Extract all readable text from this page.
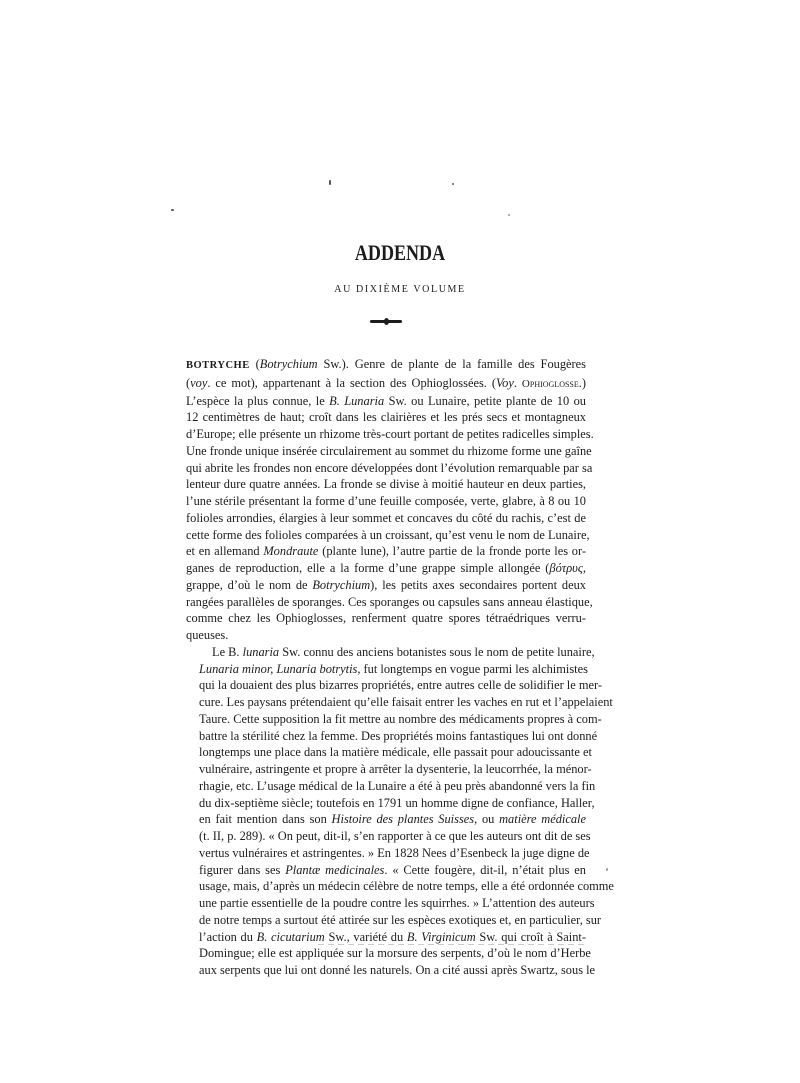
ADDENDA
AU DIXIÈME VOLUME

BOTRYCHE (Botrychium Sw.). Genre de plante de la famille des Fougères
(voy. ce mot), appartenant à la section des Ophioglossées. (Voy. Ophioglosse.)
L’espèce la plus connue, le B. Lunaria Sw. ou Lunaire, petite plante de 10 ou
12 centimètres de haut; croît dans les clairières et les prés secs et montagneux
d’Europe; elle présente un rhizome très-court portant de petites radicelles simples.
Une fronde unique insérée circulairement au sommet du rhizome forme une gaîne
qui abrite les frondes non encore développées dont l’évolution remarquable par sa
lenteur dure quatre années. La fronde se divise à moitié hauteur en deux parties,
l’une stérile présentant la forme d’une feuille composée, verte, glabre, à 8 ou 10
folioles arrondies, élargies à leur sommet et concaves du côté du rachis, c’est de
cette forme des folioles comparées à un croissant, qu’est venu le nom de Lunaire,
et en allemand Mondraute (plante lune), l’autre partie de la fronde porte les or-
ganes de reproduction, elle a la forme d’une grappe simple allongée (βότρυς,
grappe, d’où le nom de Botrychium), les petits axes secondaires portent deux
rangées parallèles de sporanges. Ces sporanges ou capsules sans anneau élastique,
comme chez les Ophioglosses, renferment quatre spores tétraédriques verru-
queuses.

Le B. lunaria Sw. connu des anciens botanistes sous le nom de petite lunaire,
Lunaria minor, Lunaria botrytis, fut longtemps en vogue parmi les alchimistes
qui la douaient des plus bizarres propriétés, entre autres celle de solidifier le mer-
cure. Les paysans prétendaient qu’elle faisait entrer les vaches en rut et l’appelaient
Taure. Cette supposition la fit mettre au nombre des médicaments propres à com-
battre la stérilité chez la femme. Des propriétés moins fantastiques lui ont donné
longtemps une place dans la matière médicale, elle passait pour adoucissante et
vulnéraire, astringente et propre à arrêter la dysenterie, la leucorrhée, la ménor-
rhagie, etc. L’usage médical de la Lunaire a été à peu près abandonné vers la fin
du dix-septième siècle; toutefois en 1791 un homme digne de confiance, Haller,
en fait mention dans son Histoire des plantes Suisses, ou matière médicale
(t. II, p. 289). « On peut, dit-il, s’en rapporter à ce que les auteurs ont dit de ses
vertus vulnéraires et astringentes. » En 1828 Nees d’Esenbeck la juge digne de
figurer dans ses Plantæ medicinales. « Cette fougère, dit-il, n’était plus en
usage, mais, d’après un médecin célèbre de notre temps, elle a été ordonnée comme
une partie essentielle de la poudre contre les squirrhes. » L’attention des auteurs
de notre temps a surtout été attirée sur les espèces exotiques et, en particulier, sur
l’action du B. cicutarium Sw., variété du B. Virginicum Sw. qui croît à Saint-
Domingue; elle est appliquée sur la morsure des serpents, d’où le nom d’Herbe
aux serpents que lui ont donné les naturels. On a cité aussi après Swartz, sous le
